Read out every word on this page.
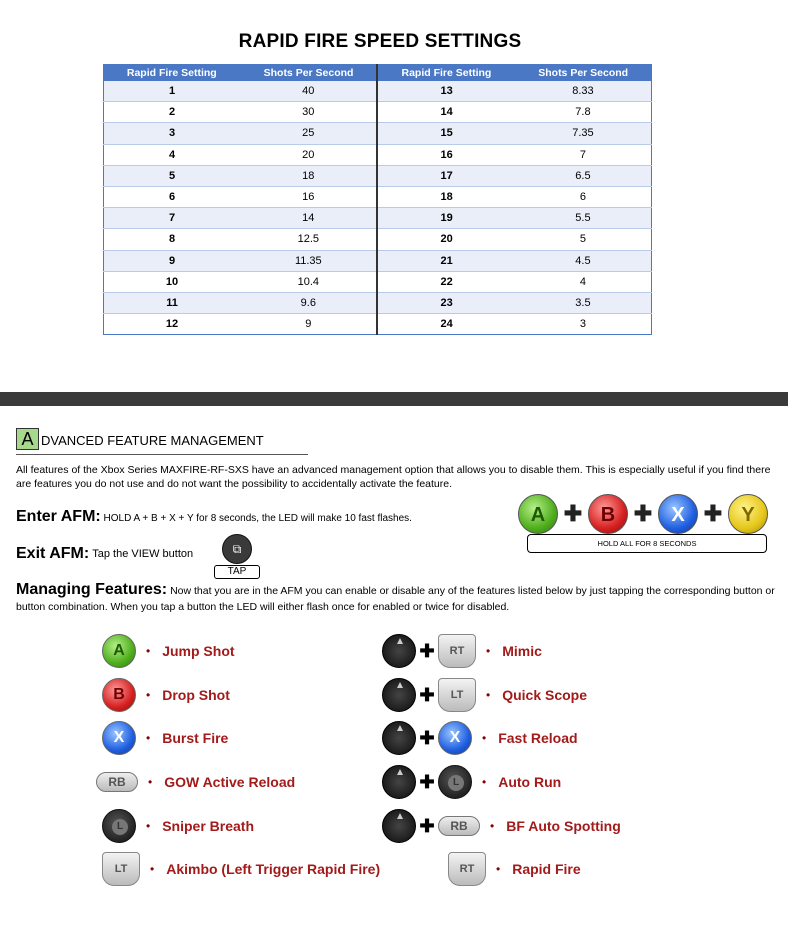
RAPID FIRE SPEED SETTINGS
Rapid Fire Setting	Shots Per Second	Rapid Fire Setting	Shots Per Second
1	40	13	8.33
2	30	14	7.8
3	25	15	7.35
4	20	16	7
5	18	17	6.5
6	16	18	6
7	14	19	5.5
8	12.5	20	5
9	11.35	21	4.5
10	10.4	22	4
11	9.6	23	3.5
12	9	24	3
A DVANCED FEATURE MANAGEMENT
All features of the Xbox Series MAXFIRE-RF-SXS have an advanced management option that allows you to disable them. This is especially useful if you find there are features you do not use and do not want the possibility to accidentally activate the feature.
Enter AFM: HOLD A + B + X + Y for 8 seconds, the LED will make 10 fast flashes.
Exit AFM:
Tap the VIEW button	⧉
TAP
A ✚ B ✚ X ✚ Y
HOLD ALL FOR 8 SECONDS
Managing Features: Now that you are in the AFM you can enable or disable any of the features listed below by just tapping the corresponding button or button combination. When you tap a button the LED will either flash once for enabled or twice for disabled.
A	• Jump Shot
B	• Drop Shot
X	• Burst Fire
RB	• GOW Active Reload
L	• Sniper Breath
LT	• Akimbo (Left Trigger Rapid Fire)
✚	RT	• Mimic
✚	LT	• Quick Scope
✚ X	• Fast Reload
✚	L	• Auto Run
✚	RB	• BF Auto Spotting
RT	• Rapid Fire
